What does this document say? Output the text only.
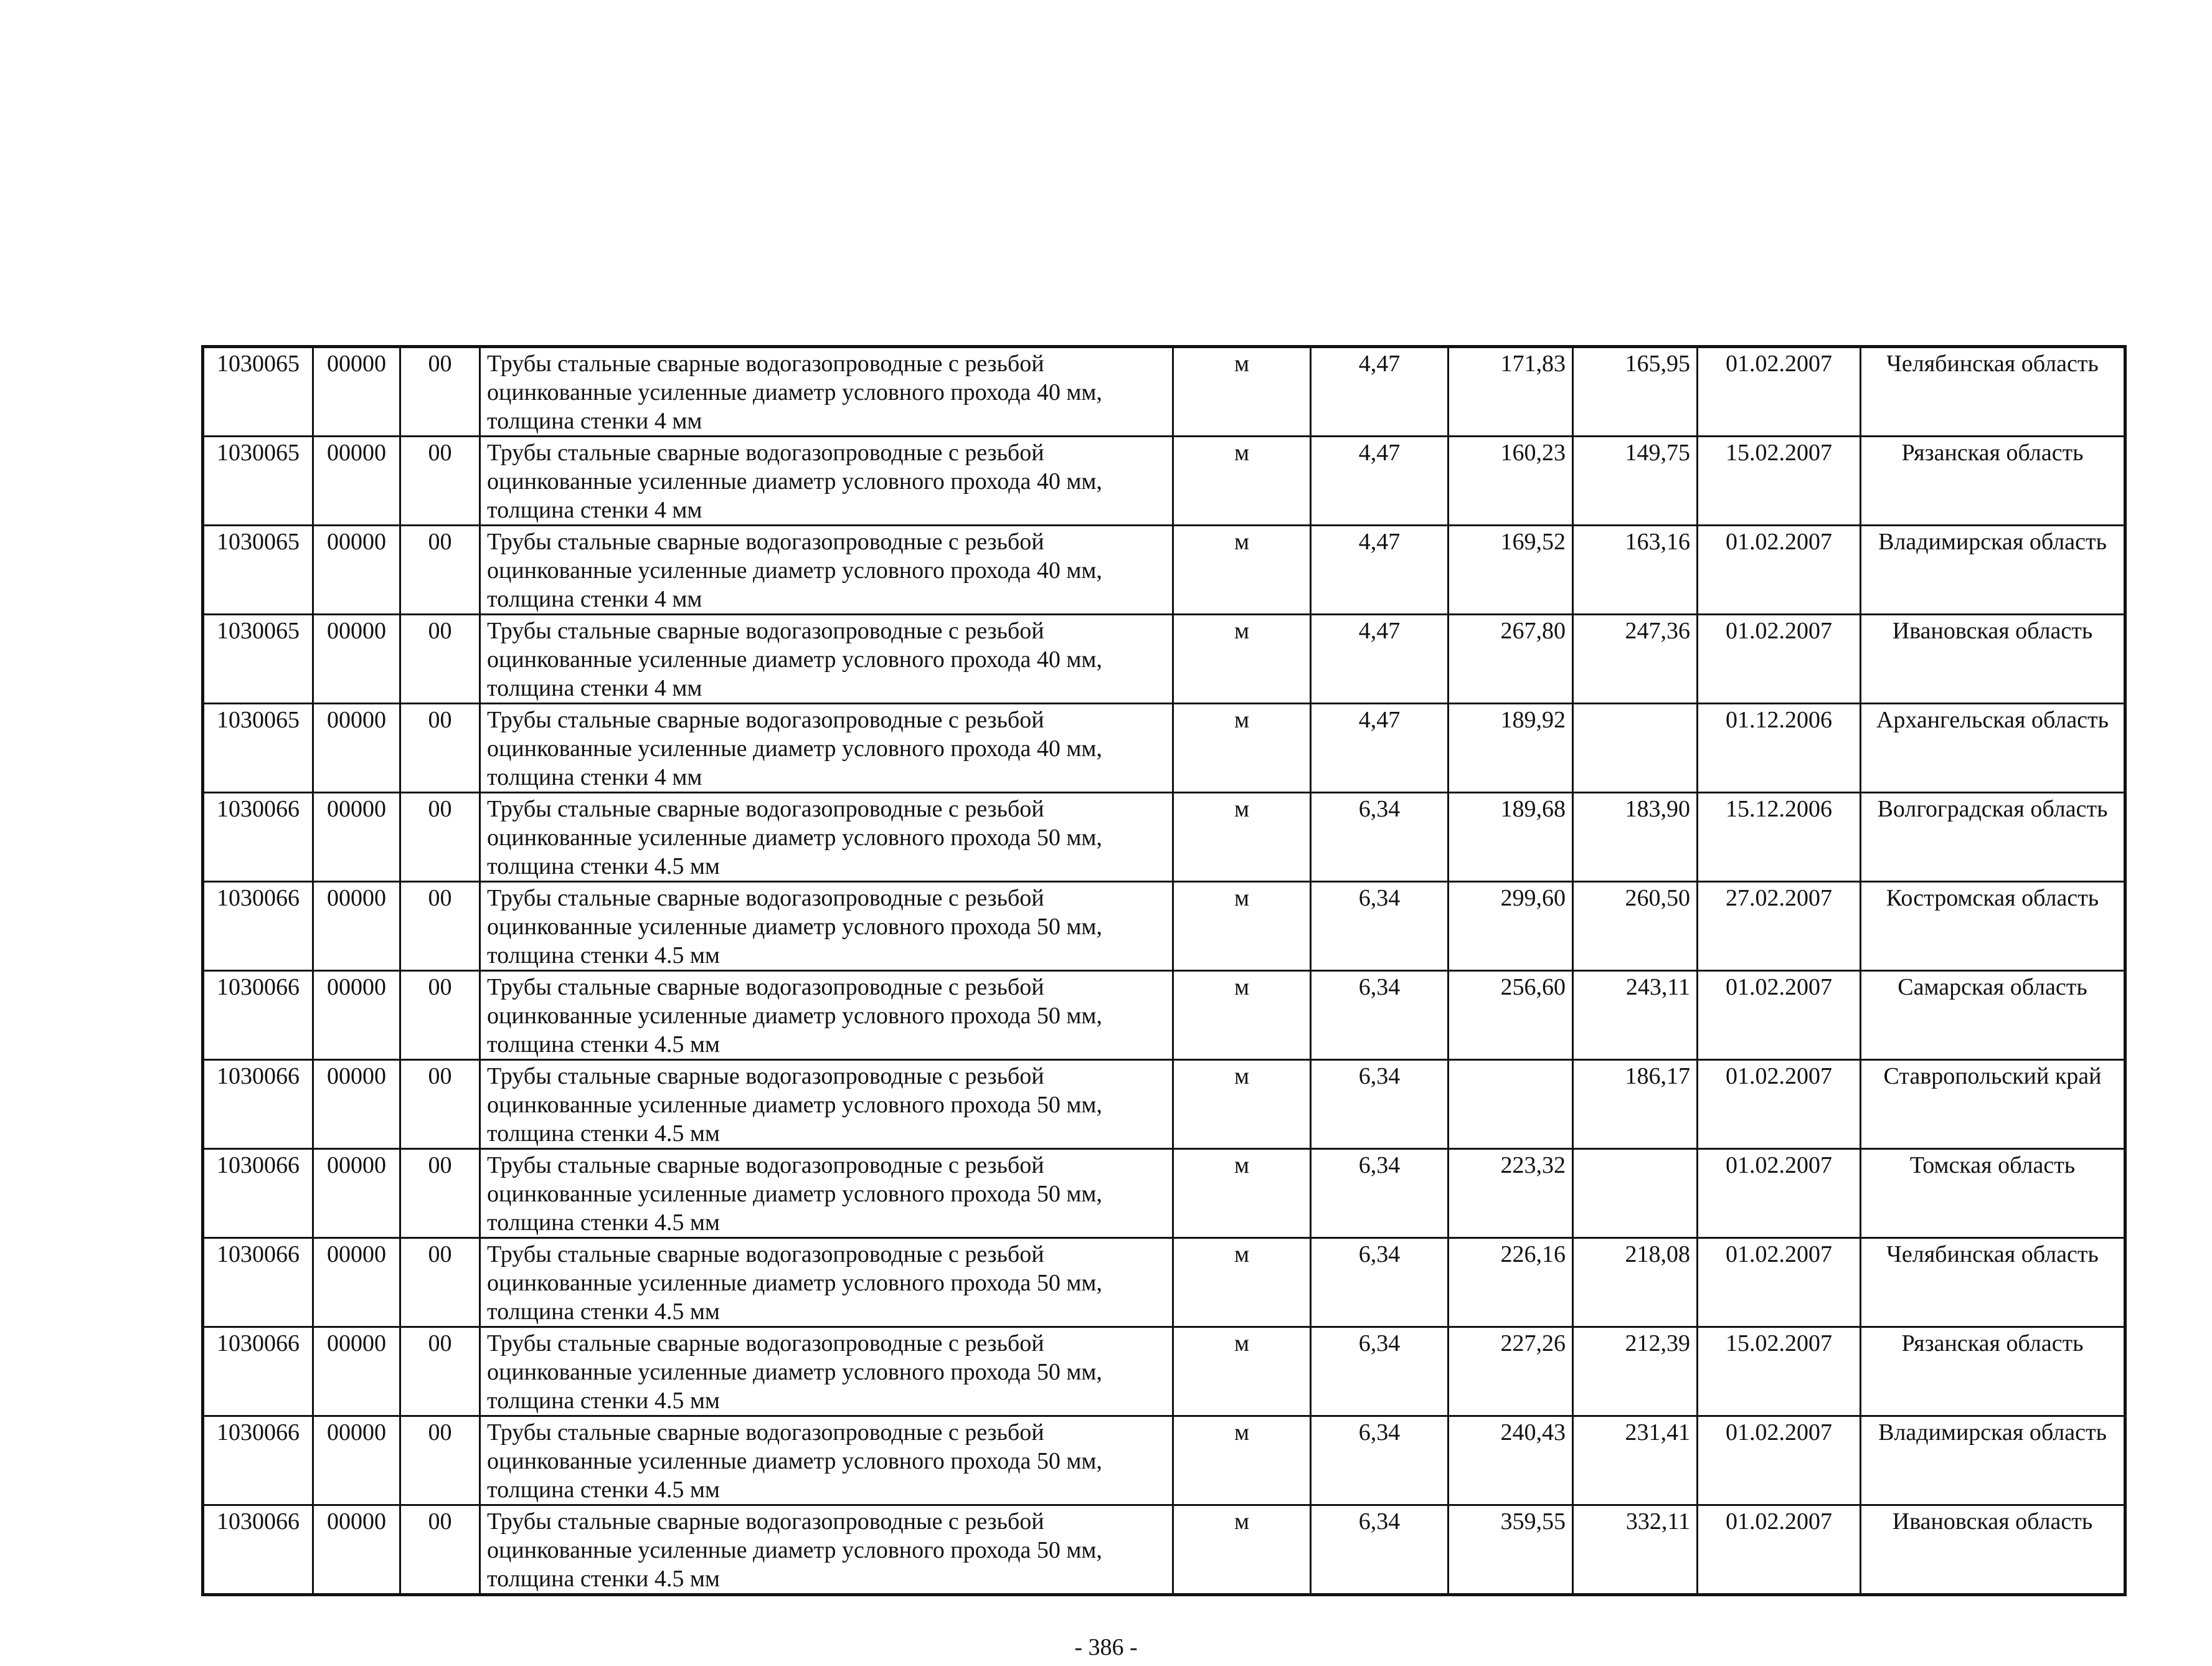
1030065	00000	00	Трубы стальные сварные водогазопроводные с резьбой оцинкованные усиленные диаметр условного прохода 40 мм, толщина стенки 4 мм	м	4,47	171,83	165,95	01.02.2007	Челябинская область
1030065	00000	00	Трубы стальные сварные водогазопроводные с резьбой оцинкованные усиленные диаметр условного прохода 40 мм, толщина стенки 4 мм	м	4,47	160,23	149,75	15.02.2007	Рязанская область
1030065	00000	00	Трубы стальные сварные водогазопроводные с резьбой оцинкованные усиленные диаметр условного прохода 40 мм, толщина стенки 4 мм	м	4,47	169,52	163,16	01.02.2007	Владимирская область
1030065	00000	00	Трубы стальные сварные водогазопроводные с резьбой оцинкованные усиленные диаметр условного прохода 40 мм, толщина стенки 4 мм	м	4,47	267,80	247,36	01.02.2007	Ивановская область
1030065	00000	00	Трубы стальные сварные водогазопроводные с резьбой оцинкованные усиленные диаметр условного прохода 40 мм, толщина стенки 4 мм	м	4,47	189,92		01.12.2006	Архангельская область
1030066	00000	00	Трубы стальные сварные водогазопроводные с резьбой оцинкованные усиленные диаметр условного прохода 50 мм, толщина стенки 4.5 мм	м	6,34	189,68	183,90	15.12.2006	Волгоградская область
1030066	00000	00	Трубы стальные сварные водогазопроводные с резьбой оцинкованные усиленные диаметр условного прохода 50 мм, толщина стенки 4.5 мм	м	6,34	299,60	260,50	27.02.2007	Костромская область
1030066	00000	00	Трубы стальные сварные водогазопроводные с резьбой оцинкованные усиленные диаметр условного прохода 50 мм, толщина стенки 4.5 мм	м	6,34	256,60	243,11	01.02.2007	Самарская область
1030066	00000	00	Трубы стальные сварные водогазопроводные с резьбой оцинкованные усиленные диаметр условного прохода 50 мм, толщина стенки 4.5 мм	м	6,34		186,17	01.02.2007	Ставропольский край
1030066	00000	00	Трубы стальные сварные водогазопроводные с резьбой оцинкованные усиленные диаметр условного прохода 50 мм, толщина стенки 4.5 мм	м	6,34	223,32		01.02.2007	Томская область
1030066	00000	00	Трубы стальные сварные водогазопроводные с резьбой оцинкованные усиленные диаметр условного прохода 50 мм, толщина стенки 4.5 мм	м	6,34	226,16	218,08	01.02.2007	Челябинская область
1030066	00000	00	Трубы стальные сварные водогазопроводные с резьбой оцинкованные усиленные диаметр условного прохода 50 мм, толщина стенки 4.5 мм	м	6,34	227,26	212,39	15.02.2007	Рязанская область
1030066	00000	00	Трубы стальные сварные водогазопроводные с резьбой оцинкованные усиленные диаметр условного прохода 50 мм, толщина стенки 4.5 мм	м	6,34	240,43	231,41	01.02.2007	Владимирская область
1030066	00000	00	Трубы стальные сварные водогазопроводные с резьбой оцинкованные усиленные диаметр условного прохода 50 мм, толщина стенки 4.5 мм	м	6,34	359,55	332,11	01.02.2007	Ивановская область
- 386 -
